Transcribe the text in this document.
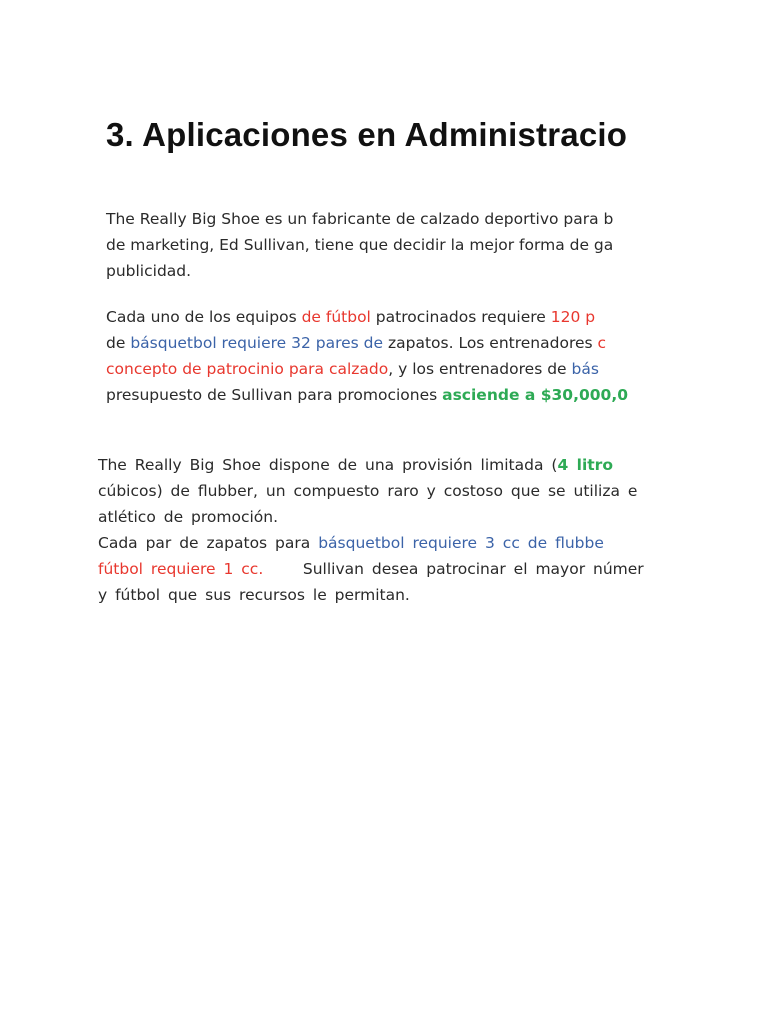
3. Aplicaciones en Administracio

The Really Big Shoe es un fabricante de calzado deportivo para b
de marketing, Ed Sullivan, tiene que decidir la mejor forma de ga
publicidad.

Cada uno de los equipos de fútbol patrocinados requiere 120 p
de básquetbol requiere 32 pares de zapatos. Los entrenadores c
concepto de patrocinio para calzado, y los entrenadores de bás
presupuesto de Sullivan para promociones asciende a $30,000,0

The Really Big Shoe dispone de una provisión limitada (4 litro
cúbicos) de flubber, un compuesto raro y costoso que se utiliza e
atlético de promoción.
Cada par de zapatos para básquetbol requiere 3 cc de flubbe
fútbol requiere 1 cc.     Sullivan desea patrocinar el mayor númer
y fútbol que sus recursos le permitan.
